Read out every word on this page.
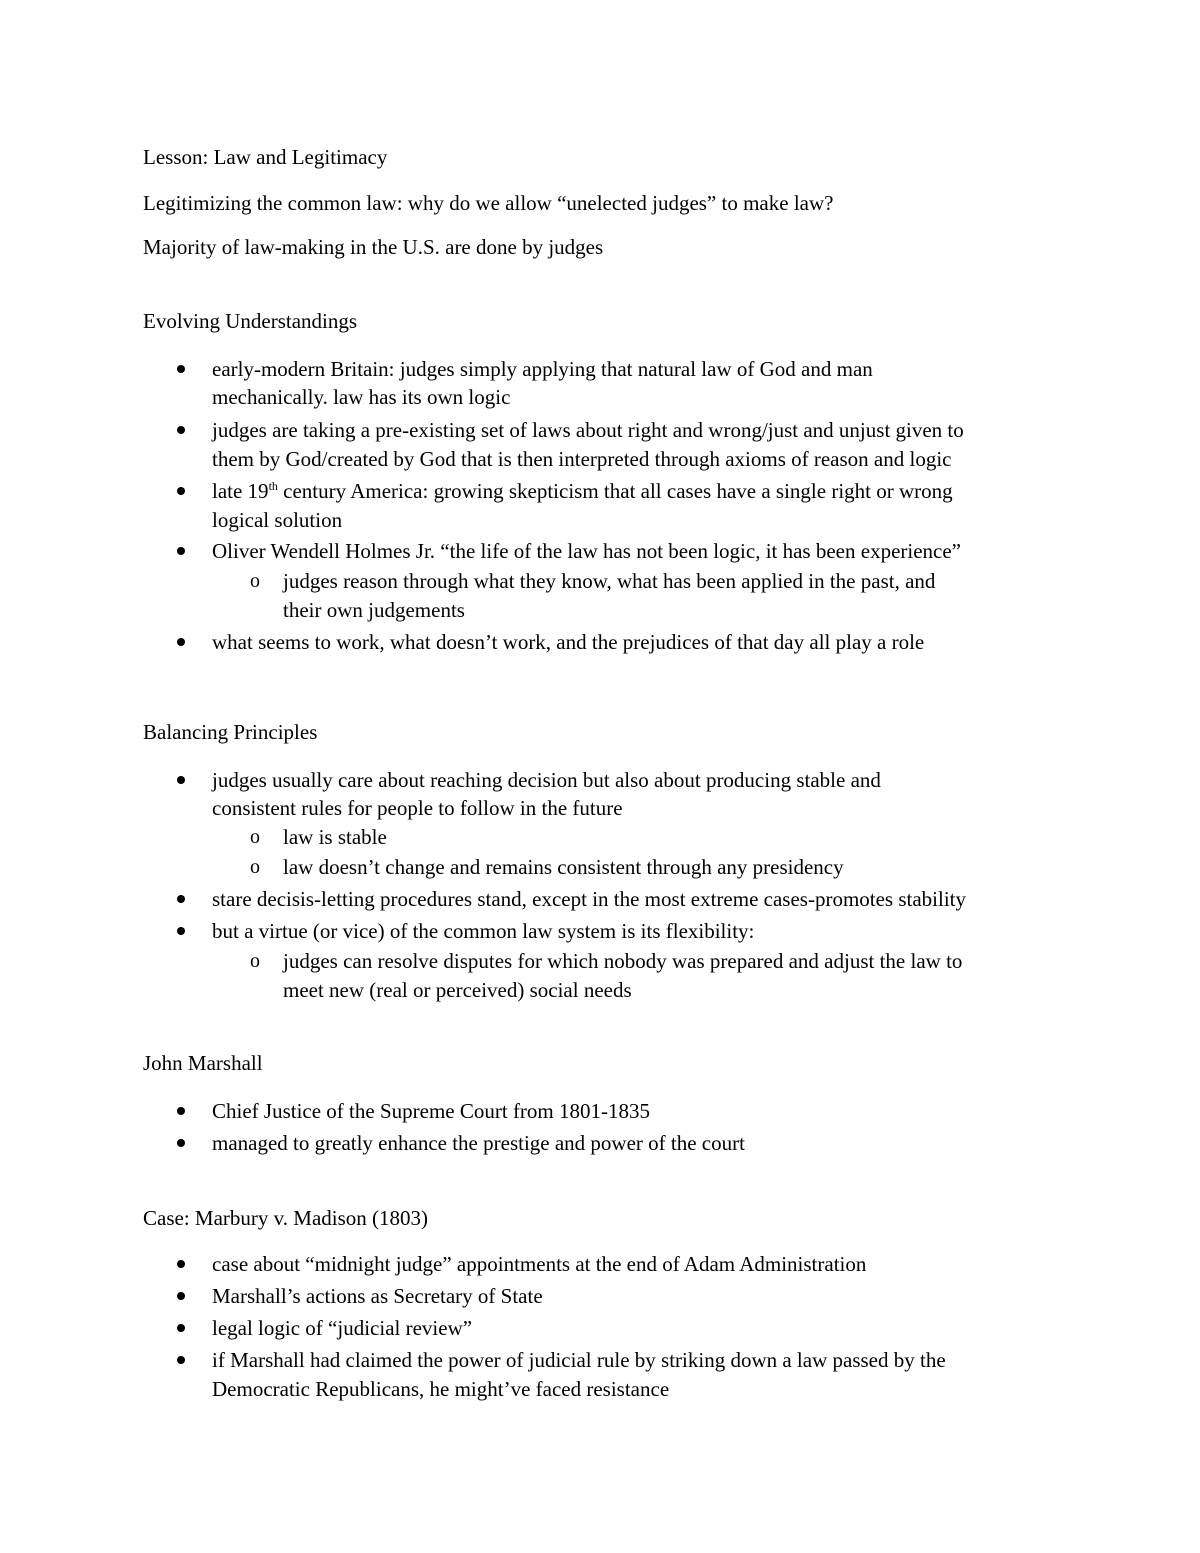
Lesson: Law and Legitimacy
Legitimizing the common law: why do we allow “unelected judges” to make law?
Majority of law-making in the U.S. are done by judges
Evolving Understandings
early-modern Britain: judges simply applying that natural law of God and man
mechanically. law has its own logic
judges are taking a pre-existing set of laws about right and wrong/just and unjust given to
them by God/created by God that is then interpreted through axioms of reason and logic
late 19th century America: growing skepticism that all cases have a single right or wrong
logical solution
Oliver Wendell Holmes Jr. “the life of the law has not been logic, it has been experience”
o judges reason through what they know, what has been applied in the past, and
their own judgements
what seems to work, what doesn’t work, and the prejudices of that day all play a role
Balancing Principles
judges usually care about reaching decision but also about producing stable and
consistent rules for people to follow in the future
o law is stable
o law doesn’t change and remains consistent through any presidency
stare decisis-letting procedures stand, except in the most extreme cases-promotes stability
but a virtue (or vice) of the common law system is its flexibility:
o judges can resolve disputes for which nobody was prepared and adjust the law to
meet new (real or perceived) social needs
John Marshall
Chief Justice of the Supreme Court from 1801-1835
managed to greatly enhance the prestige and power of the court
Case: Marbury v. Madison (1803)
case about “midnight judge” appointments at the end of Adam Administration
Marshall’s actions as Secretary of State
legal logic of “judicial review”
if Marshall had claimed the power of judicial rule by striking down a law passed by the
Democratic Republicans, he might’ve faced resistance
